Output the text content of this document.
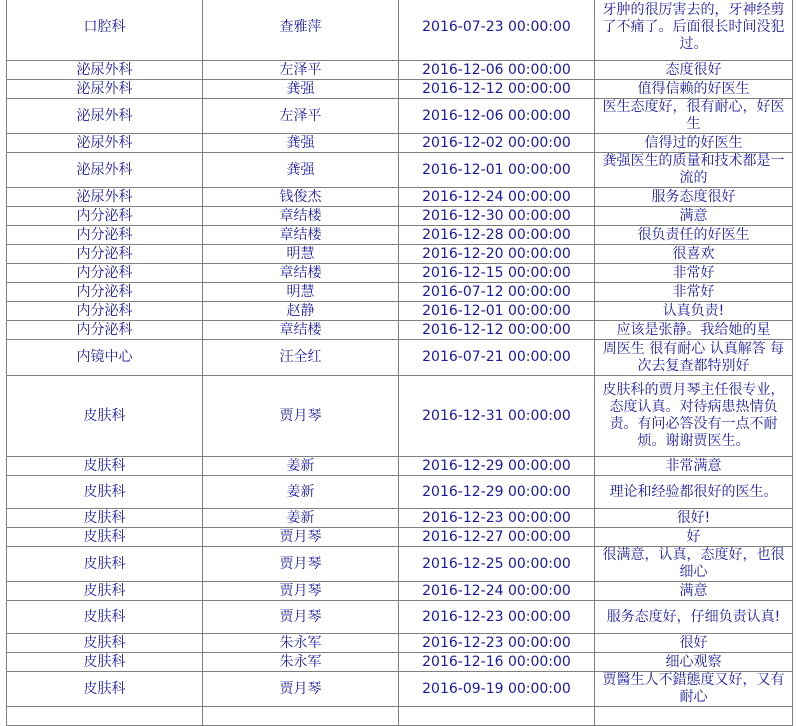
口腔科	查雅萍	2016-07-23 00:00:00	牙肿的很厉害去的，牙神经剪了不痛了。后面很长时间没犯过。
泌尿外科	左泽平	2016-12-06 00:00:00	态度很好
泌尿外科	龚强	2016-12-12 00:00:00	值得信赖的好医生
泌尿外科	左泽平	2016-12-06 00:00:00	医生态度好，很有耐心，好医生
泌尿外科	龚强	2016-12-02 00:00:00	信得过的好医生
泌尿外科	龚强	2016-12-01 00:00:00	龚强医生的质量和技术都是一流的
泌尿外科	钱俊杰	2016-12-24 00:00:00	服务态度很好
内分泌科	章结楼	2016-12-30 00:00:00	满意
内分泌科	章结楼	2016-12-28 00:00:00	很负责任的好医生
内分泌科	明慧	2016-12-20 00:00:00	很喜欢
内分泌科	章结楼	2016-12-15 00:00:00	非常好
内分泌科	明慧	2016-07-12 00:00:00	非常好
内分泌科	赵静	2016-12-01 00:00:00	认真负责!
内分泌科	章结楼	2016-12-12 00:00:00	应该是张静。我给她的星
内镜中心	汪全红	2016-07-21 00:00:00	周医生 很有耐心 认真解答 每次去复查都特别好
皮肤科	贾月琴	2016-12-31 00:00:00	皮肤科的贾月琴主任很专业，态度认真。对待病患热情负责。有问必答没有一点不耐烦。谢谢贾医生。
皮肤科	姜新	2016-12-29 00:00:00	非常满意
皮肤科	姜新	2016-12-29 00:00:00	理论和经验都很好的医生。
皮肤科	姜新	2016-12-23 00:00:00	很好!
皮肤科	贾月琴	2016-12-27 00:00:00	好
皮肤科	贾月琴	2016-12-25 00:00:00	很满意，认真，态度好，也很细心
皮肤科	贾月琴	2016-12-24 00:00:00	满意
皮肤科	贾月琴	2016-12-23 00:00:00	服务态度好，仔细负责认真!
皮肤科	朱永军	2016-12-23 00:00:00	很好
皮肤科	朱永军	2016-12-16 00:00:00	细心观察
皮肤科	贾月琴	2016-09-19 00:00:00	贾醫生人不錯態度又好，又有耐心
